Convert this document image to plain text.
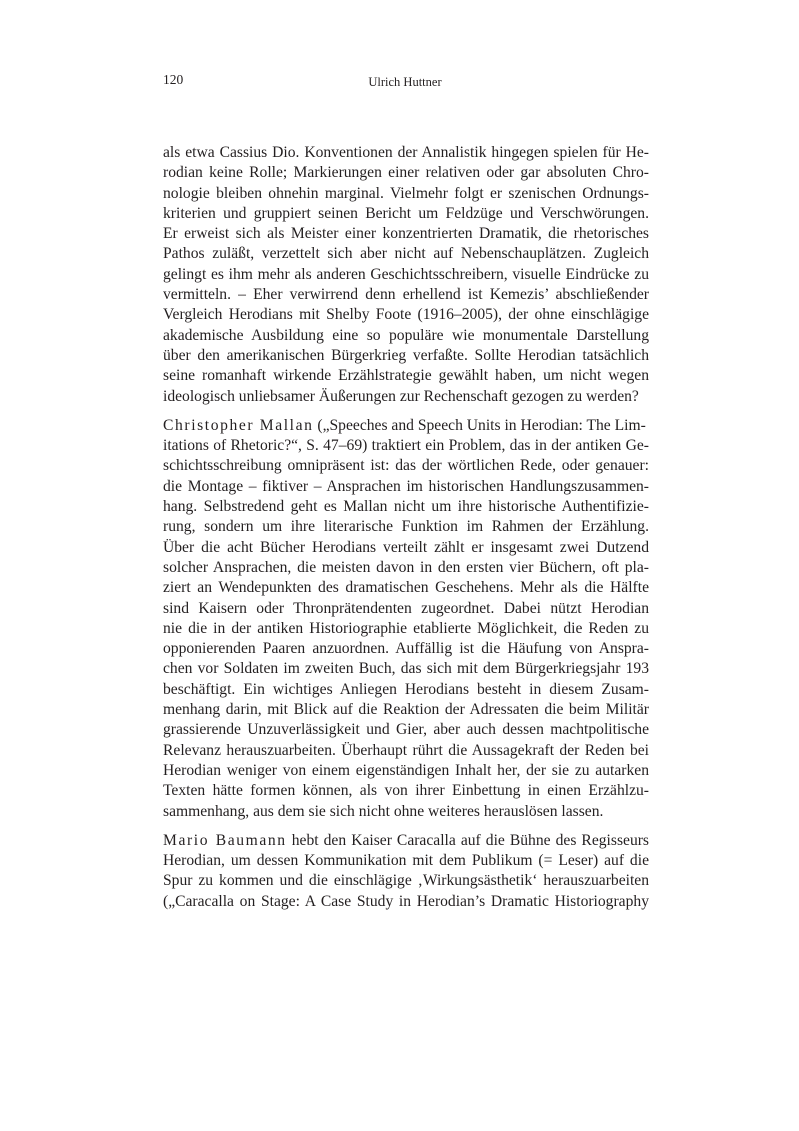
120	Ulrich Huttner

als etwa Cassius Dio. Konventionen der Annalistik hingegen spielen für He-
rodian keine Rolle; Markierungen einer relativen oder gar absoluten Chro-
nologie bleiben ohnehin marginal. Vielmehr folgt er szenischen Ordnungs-
kriterien und gruppiert seinen Bericht um Feldzüge und Verschwörungen.
Er erweist sich als Meister einer konzentrierten Dramatik, die rhetorisches
Pathos zuläßt, verzettelt sich aber nicht auf Nebenschauplätzen. Zugleich
gelingt es ihm mehr als anderen Geschichtsschreibern, visuelle Eindrücke zu
vermitteln. – Eher verwirrend denn erhellend ist Kemezis’ abschließender
Vergleich Herodians mit Shelby Foote (1916–2005), der ohne einschlägige
akademische Ausbildung eine so populäre wie monumentale Darstellung
über den amerikanischen Bürgerkrieg verfaßte. Sollte Herodian tatsächlich
seine romanhaft wirkende Erzählstrategie gewählt haben, um nicht wegen
ideologisch unliebsamer Äußerungen zur Rechenschaft gezogen zu werden?

Christopher Mallan („Speeches and Speech Units in Herodian: The Lim-
itations of Rhetoric?“, S. 47–69) traktiert ein Problem, das in der antiken Ge-
schichtsschreibung omnipräsent ist: das der wörtlichen Rede, oder genauer:
die Montage – fiktiver – Ansprachen im historischen Handlungszusammen-
hang. Selbstredend geht es Mallan nicht um ihre historische Authentifizie-
rung, sondern um ihre literarische Funktion im Rahmen der Erzählung.
Über die acht Bücher Herodians verteilt zählt er insgesamt zwei Dutzend
solcher Ansprachen, die meisten davon in den ersten vier Büchern, oft pla-
ziert an Wendepunkten des dramatischen Geschehens. Mehr als die Hälfte
sind Kaisern oder Thronprätendenten zugeordnet. Dabei nützt Herodian
nie die in der antiken Historiographie etablierte Möglichkeit, die Reden zu
opponierenden Paaren anzuordnen. Auffällig ist die Häufung von Anspra-
chen vor Soldaten im zweiten Buch, das sich mit dem Bürgerkriegsjahr 193
beschäftigt. Ein wichtiges Anliegen Herodians besteht in diesem Zusam-
menhang darin, mit Blick auf die Reaktion der Adressaten die beim Militär
grassierende Unzuverlässigkeit und Gier, aber auch dessen machtpolitische
Relevanz herauszuarbeiten. Überhaupt rührt die Aussagekraft der Reden bei
Herodian weniger von einem eigenständigen Inhalt her, der sie zu autarken
Texten hätte formen können, als von ihrer Einbettung in einen Erzählzu-
sammenhang, aus dem sie sich nicht ohne weiteres herauslösen lassen.

Mario Baumann hebt den Kaiser Caracalla auf die Bühne des Regisseurs
Herodian, um dessen Kommunikation mit dem Publikum (= Leser) auf die
Spur zu kommen und die einschlägige ‚Wirkungsästhetik‘ herauszuarbeiten
(„Caracalla on Stage: A Case Study in Herodian’s Dramatic Historiography
